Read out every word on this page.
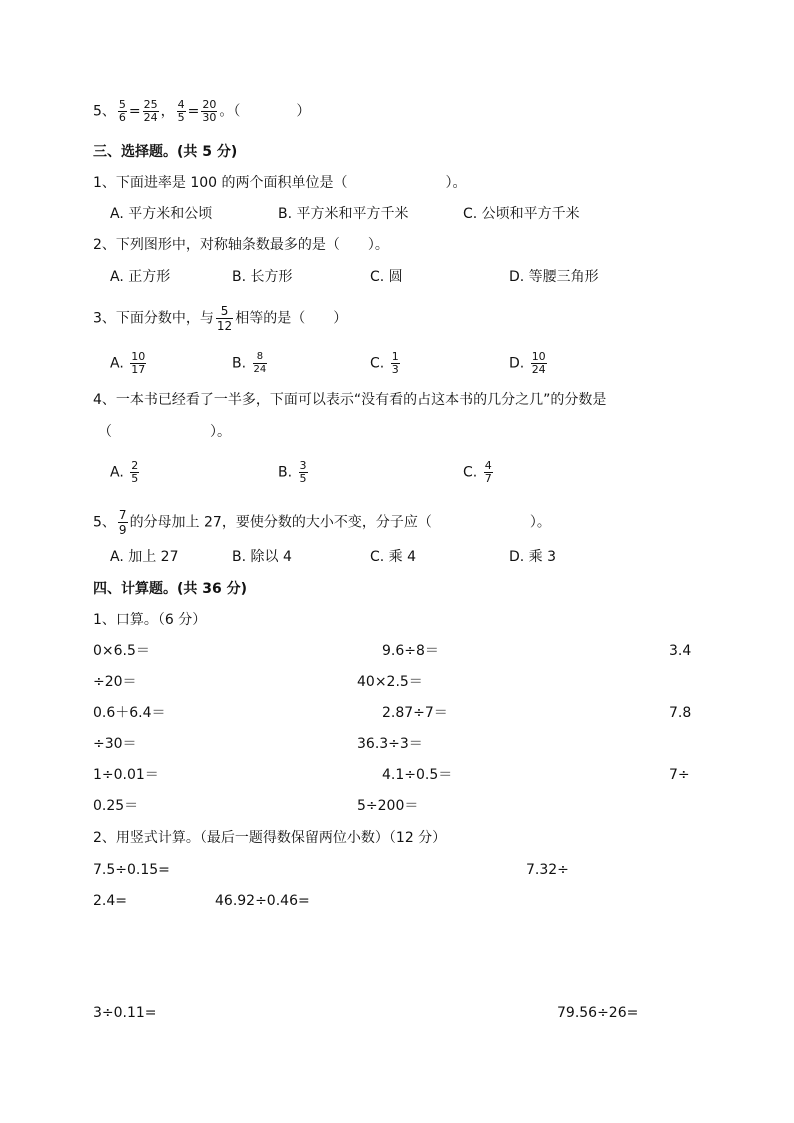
5、 $\frac{5}{6} = \frac{25}{24}$ ， $\frac{4}{5} = \frac{20}{30}$ 。（　　　　）
三、选择题。(共 5 分)
1、下面进率是 100 的两个面积单位是（　　　　　　　）。
A. 平方米和公顷	B. 平方米和平方千米	C. 公顷和平方千米
2、下列图形中，对称轴条数最多的是（　　）。
A. 正方形	B. 长方形	C. 圆	D. 等腰三角形
3、下面分数中，与 $\frac{5}{12}$ 相等的是（　　）
A. $\frac{10}{17}$	B. $\frac{8}{24}$	C. $\frac{1}{3}$	D. $\frac{10}{24}$
4、一本书已经看了一半多，下面可以表示“没有看的占这本书的几分之几”的分数是
（　　　　　　　）。
A. $\frac{2}{5}$	B. $\frac{3}{5}$	C. $\frac{4}{7}$
5、 $\frac{7}{9}$ 的分母加上 27，要使分数的大小不变，分子应（　　　　　　　）。
A. 加上 27	B. 除以 4	C. 乘 4	D. 乘 3
四、计算题。(共 36 分)
1、口算。（6 分）
0×6.5＝	9.6÷8＝	3.4
÷20＝	40×2.5＝
0.6＋6.4＝	2.87÷7＝	7.8
÷30＝	36.3÷3＝
1÷0.01＝	4.1÷0.5＝	7÷
0.25＝	5÷200＝
2、用竖式计算。（最后一题得数保留两位小数）（12 分）
7.5÷0.15=	7.32÷
2.4=	46.92÷0.46=
3÷0.11=	79.56÷26=
